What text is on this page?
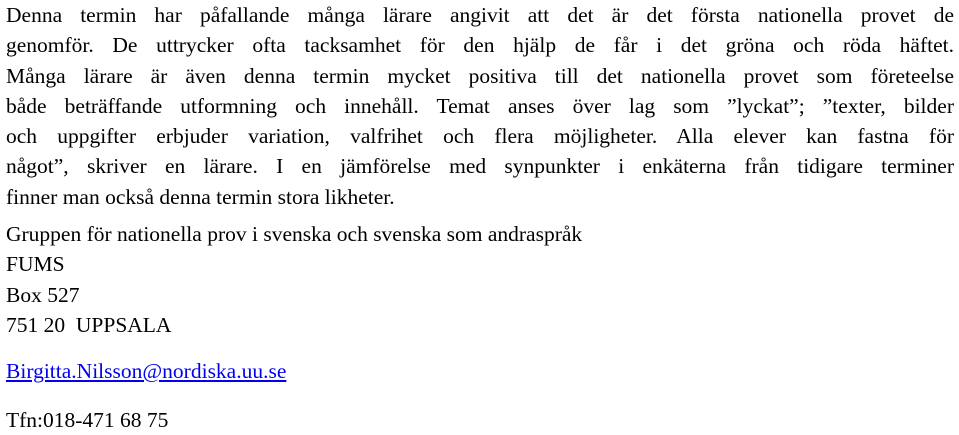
Denna termin har påfallande många lärare angivit att det är det första nationella provet de
genomför. De uttrycker ofta tacksamhet för den hjälp de får i det gröna och röda häftet.
Många lärare är även denna termin mycket positiva till det nationella provet som företeelse
både beträffande utformning och innehåll. Temat anses över lag som ”lyckat”; ”texter, bilder
och uppgifter erbjuder variation, valfrihet och flera möjligheter. Alla elever kan fastna för
något”, skriver en lärare. I en jämförelse med synpunkter i enkäterna från tidigare terminer
finner man också denna termin stora likheter.

Gruppen för nationella prov i svenska och svenska som andraspråk
FUMS
Box 527
751 20  UPPSALA
Birgitta.Nilsson@nordiska.uu.se
Tfn:018-471 68 75
